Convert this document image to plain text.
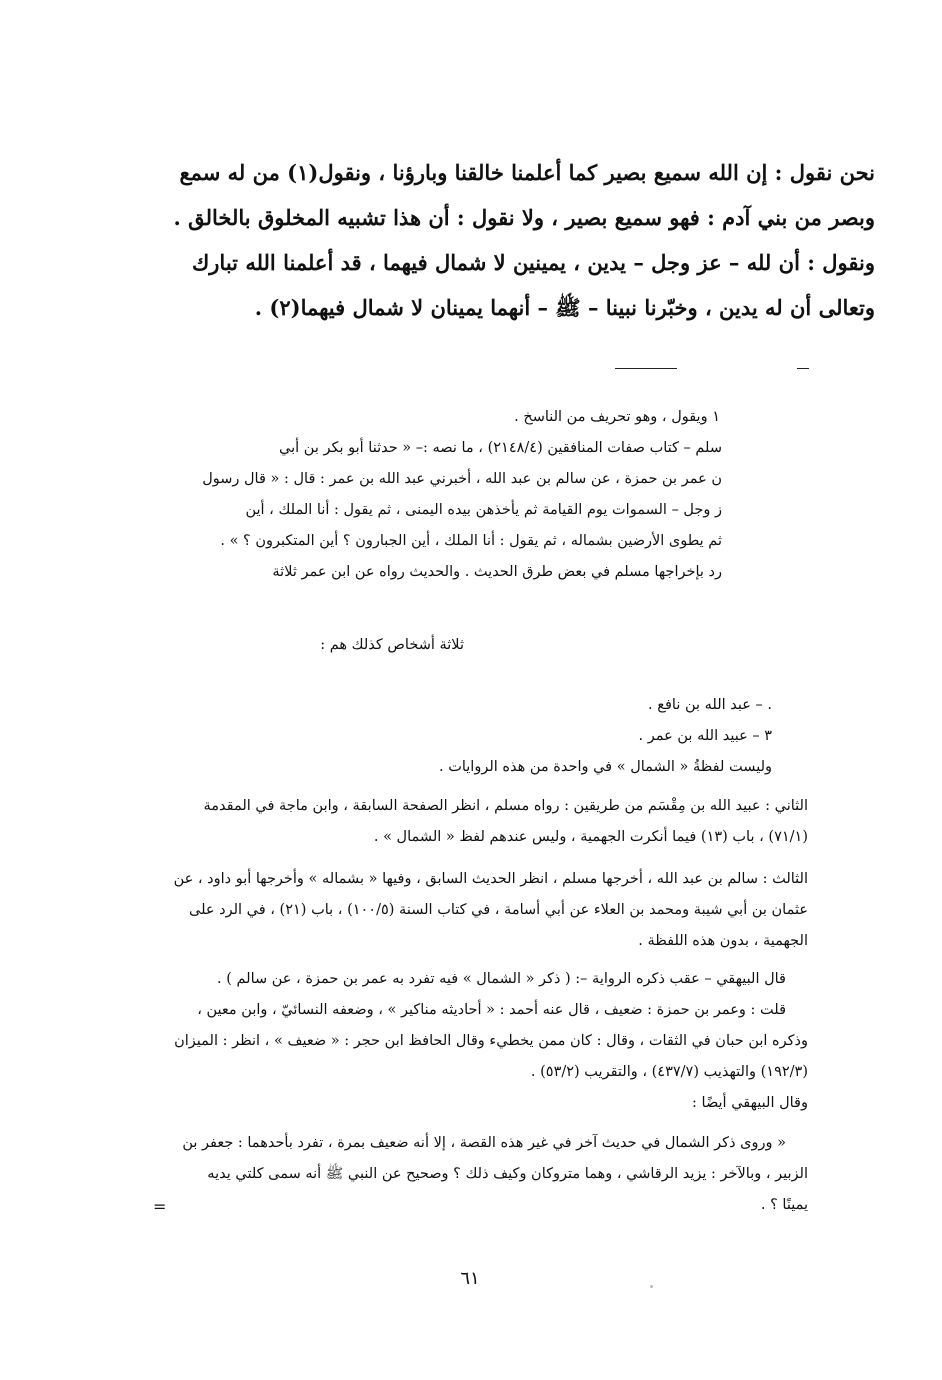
نحن نقول : إن الله سميع بصير كما أعلمنا خالقنا وبارؤنا ، ونقول(١) من له سمع
وبصر من بني آدم : فهو سميع بصير ، ولا نقول : أن هذا تشبيه المخلوق بالخالق .
ونقول : أن لله – عز وجل – يدين ، يمينين لا شمال فيهما ، قد أعلمنا الله تبارك
وتعالى أن له يدين ، وخبّرنا نبينا – ﷺ – أنهما يمينان لا شمال فيهما(٢) .
١ ويقول ، وهو تحريف من الناسخ .
سلم – كتاب صفات المنافقين (٢١٤٨/٤) ، ما نصه :– « حدثنا أبو بكر بن أبي
ن عمر بن حمزة ، عن سالم بن عبد الله ، أخبرني عبد الله بن عمر : قال : « قال رسول
ز وجل – السموات يوم القيامة ثم يأخذهن بيده اليمنى ، ثم يقول : أنا الملك ، أين
ثم يطوى الأرضين بشماله ، ثم يقول : أنا الملك ، أين الجبارون ؟ أين المتكبرون ؟ » .
رد بإخراجها مسلم في بعض طرق الحديث . والحديث رواه عن ابن عمر ثلاثة
ثلاثة أشخاص كذلك هم :
. – عبد الله بن نافع .
٣ – عبيد الله بن عمر .
وليست لفظةُ « الشمال » في واحدة من هذه الروايات .
الثاني : عبيد الله بن مِقْسَم من طريقين : رواه مسلم ، انظر الصفحة السابقة ، وابن ماجة في المقدمة
(٧١/١) ، باب (١٣) فيما أنكرت الجهمية ، وليس عندهم لفظ « الشمال » .
الثالث : سالم بن عبد الله ، أخرجها مسلم ، انظر الحديث السابق ، وفيها « بشماله » وأخرجها أبو داود ، عن
عثمان بن أبي شيبة ومحمد بن العلاء عن أبي أسامة ، في كتاب السنة (١٠٠/٥) ، باب (٢١) ، في الرد على
الجهمية ، بدون هذه اللفظة .
قال البيهقي – عقب ذكره الرواية –: ( ذكر « الشمال » فيه تفرد به عمر بن حمزة ، عن سالم ) .
قلت : وعمر بن حمزة : ضعيف ، قال عنه أحمد : « أحاديثه مناكير » ، وضعفه النسائيّ ، وابن معين ،
وذكره ابن حبان في الثقات ، وقال : كان ممن يخطيء وقال الحافظ ابن حجر : « ضعيف » ، انظر : الميزان
(١٩٢/٣) والتهذيب (٤٣٧/٧) ، والتقريب (٥٣/٢) .
وقال البيهقي أيضًا :
« وروى ذكر الشمال في حديث آخر في غير هذه القصة ، إلا أنه ضعيف بمرة ، تفرد بأحدهما : جعفر بن
الزبير ، وبالآخر : يزيد الرقاشي ، وهما متروكان وكيف ذلك ؟ وصحيح عن النبي ﷺ أنه سمى كلتي يديه
يمينًا ؟ .
=
٦١
